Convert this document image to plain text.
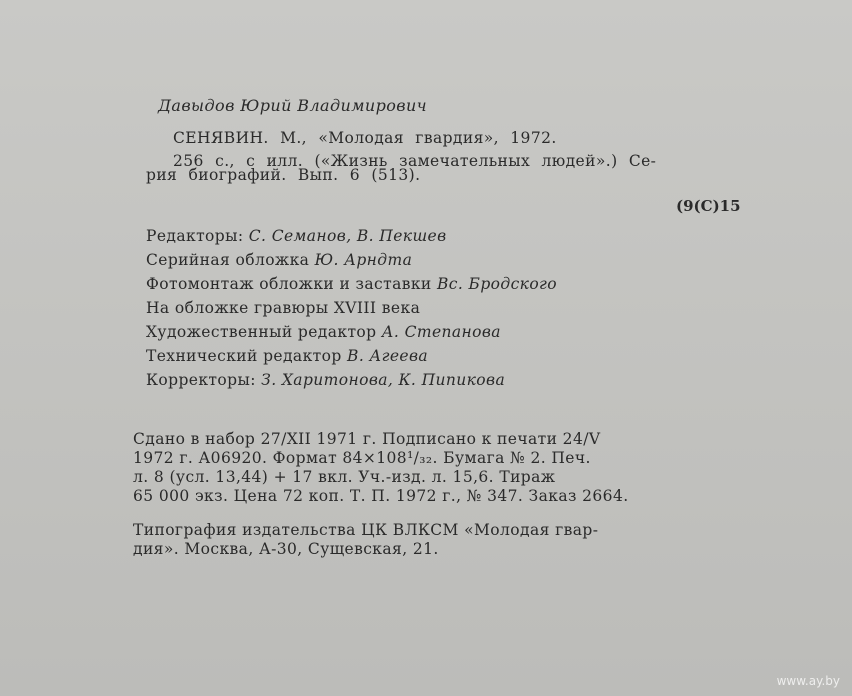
Давыдов Юрий Владимирович
СЕНЯВИН. М., «Молодая гвардия», 1972.
256 с., с илл. («Жизнь замечательных людей».) Се-
рия биографий. Вып. 6 (513).
(9(С)15
Редакторы: С. Семанов, В. Пекшев
Серийная обложка Ю. Арндта
Фотомонтаж обложки и заставки Вс. Бродского
На обложке гравюры XVIII века
Художественный редактор А. Степанова
Технический редактор В. Агеева
Корректоры: З. Харитонова, К. Пипикова
Сдано в набор 27/XII 1971 г. Подписано к печати 24/V
1972 г. А06920. Формат 84×108¹/₃₂. Бумага № 2. Печ.
л. 8 (усл. 13,44) + 17 вкл. Уч.-изд. л. 15,6. Тираж
65 000 экз. Цена 72 коп. Т. П. 1972 г., № 347. Заказ 2664.
Типография издательства ЦК ВЛКСМ «Молодая гвар-
дия». Москва, А-30, Сущевская, 21.
www.ay.by
